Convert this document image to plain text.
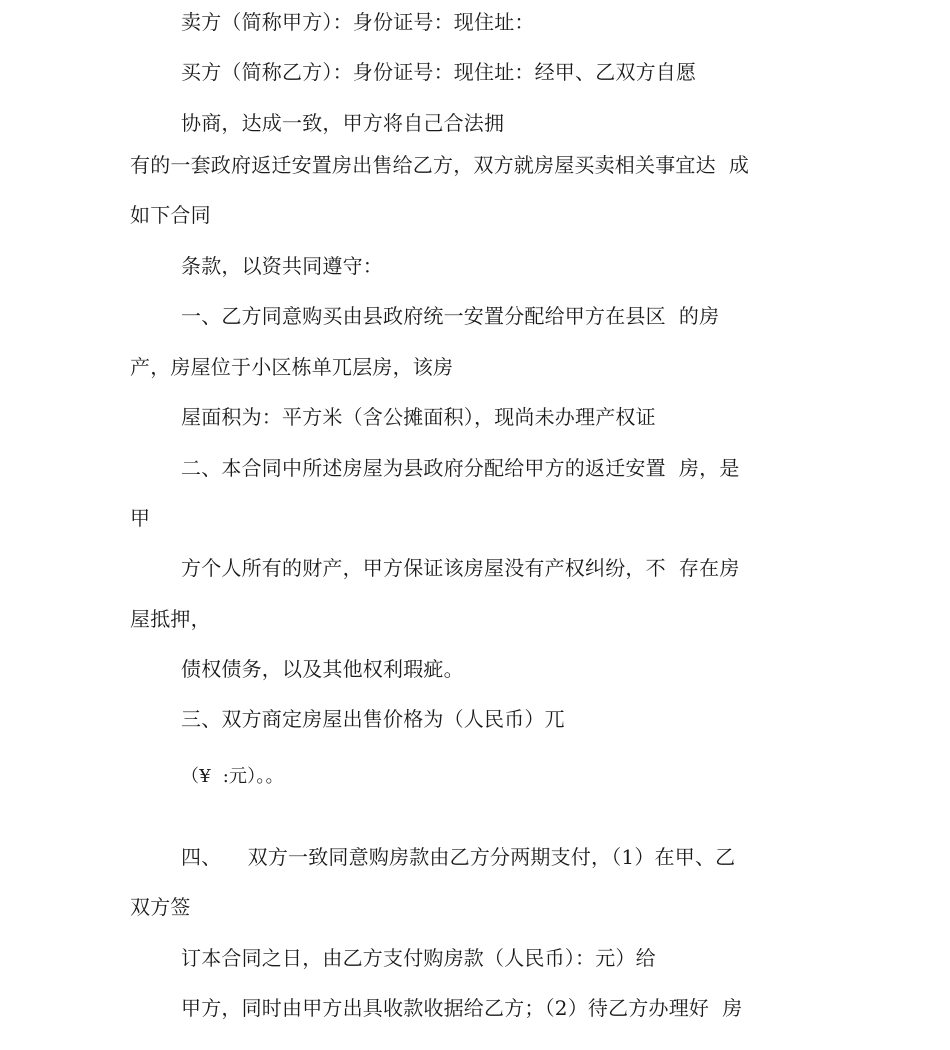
卖方（简称甲方）：身份证号：现住址：
买方（简称乙方）：身份证号：现住址：经甲、乙双方自愿
协商，达成一致，甲方将自己合法拥
有的一套政府返迁安置房出售给乙方，双方就房屋买卖相关事宜达  成
如下合同
条款，以资共同遵守：
一、乙方同意购买由县政府统一安置分配给甲方在县区  的房
产，房屋位于小区栋单兀层房，该房
屋面积为：平方米（含公摊面积），现尚未办理产权证
二、本合同中所述房屋为县政府分配给甲方的返迁安置  房，是
甲
方个人所有的财产，甲方保证该房屋没有产权纠纷，不  存在房
屋抵押，
债权债务，以及其他权利瑕疵。
三、双方商定房屋出售价格为（人民币）兀
（¥  :元）。。
四、    双方一致同意购房款由乙方分两期支付，（1）在甲、乙
双方签
订本合同之日，由乙方支付购房款（人民币）：元）给
甲方，同时由甲方出具收款收据给乙方；（2）待乙方办理好  房
